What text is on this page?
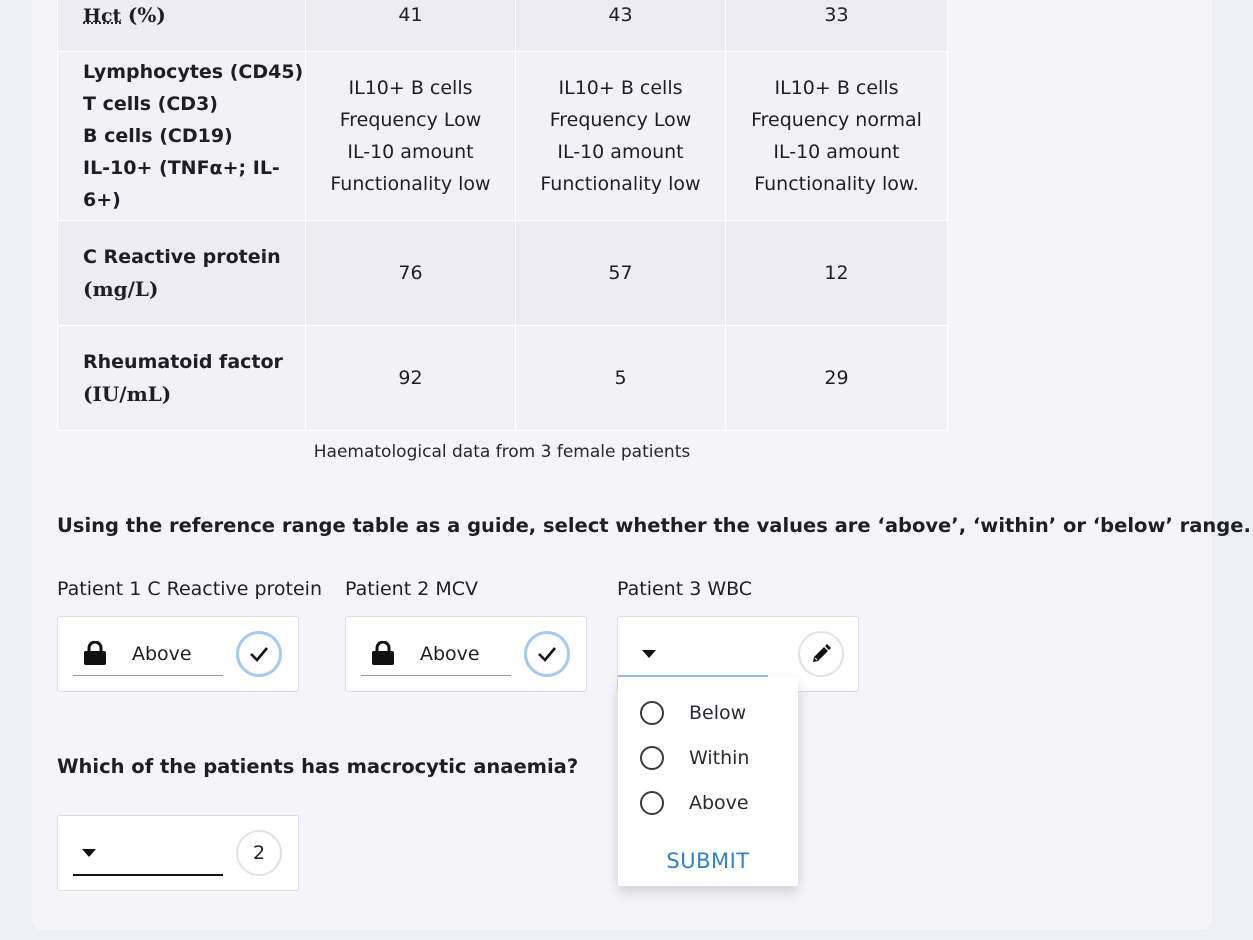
Hct (%)	41	43	33

Lymphocytes (CD45)
T cells (CD3)
B cells (CD19)
IL-10+ (TNFα+; IL-6+)	IL10+ B cells
Frequency Low
IL-10 amount
Functionality low	IL10+ B cells
Frequency Low
IL-10 amount
Functionality low	IL10+ B cells
Frequency normal
IL-10 amount
Functionality low.

C Reactive protein
(mg/L)	76	57	12

Rheumatoid factor
(IU/mL)	92	5	29
Haematological data from 3 female patients
Using the reference range table as a guide, select whether the values are ‘above’, ‘within’ or ‘below’ range.
Patient 1 C Reactive protein Patient 2 MCV	Patient 3 WBC
Above	Above
Below
Within
Above
SUBMIT
Which of the patients has macrocytic anaemia?
2
